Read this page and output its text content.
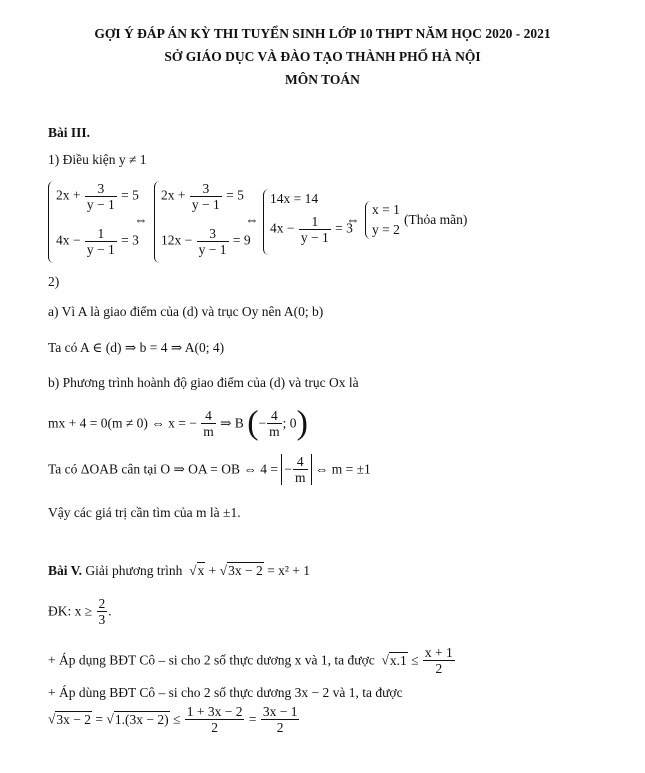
GỢI Ý ĐÁP ÁN KỲ THI TUYỂN SINH LỚP 10 THPT NĂM HỌC 2020 - 2021
SỞ GIÁO DỤC VÀ ĐÀO TẠO THÀNH PHỐ HÀ NỘI
MÔN TOÁN
Bài III.
1) Điều kiện y ≠ 1
$2x + \frac{3}{y - 1} = 5$
$4x - \frac{1}{y - 1} = 3$
⇔
$2x + \frac{3}{y - 1} = 5$
$12x - \frac{3}{y - 1} = 9$
⇔
14x = 14
$4x - \frac{1}{y - 1} = 3$
⇔
x = 1
y = 2
(Thỏa mãn)
2)
a) Vì A là giao điểm của (d) và trục Oy nên A(0; b)
Ta có A ∈ (d) ⇒ b = 4 ⇒ A(0; 4)
b) Phương trình hoành độ giao điểm của (d) và trục Ox là
mx + 4 = 0(m ≠ 0) ⇔ x = − $\frac{4}{m}$ ⇒ B (− $\frac{4}{m}$ ; 0)
Ta có ΔOAB cân tại O ⇒ OA = OB ⇔ 4 = − $\frac{4}{m}$ ⇔ m = ±1
Vậy các giá trị cần tìm của m là ±1.
Bài V. Giải phương trình  √x + √3x − 2 = x² + 1
ĐK: $x \ge \frac{2}{3}$ .
+ Áp dụng BĐT Cô – si cho 2 số thực dương x và 1, ta được $√x.1 \le \frac{x + 1}{2}$
+ Áp dùng BĐT Cô – si cho 2 số thực dương 3x − 2 và 1, ta được
$√3x - 2 = √1.(3x - 2) \le \frac{1 + 3x - 2}{2} = \frac{3x - 1}{2}$
